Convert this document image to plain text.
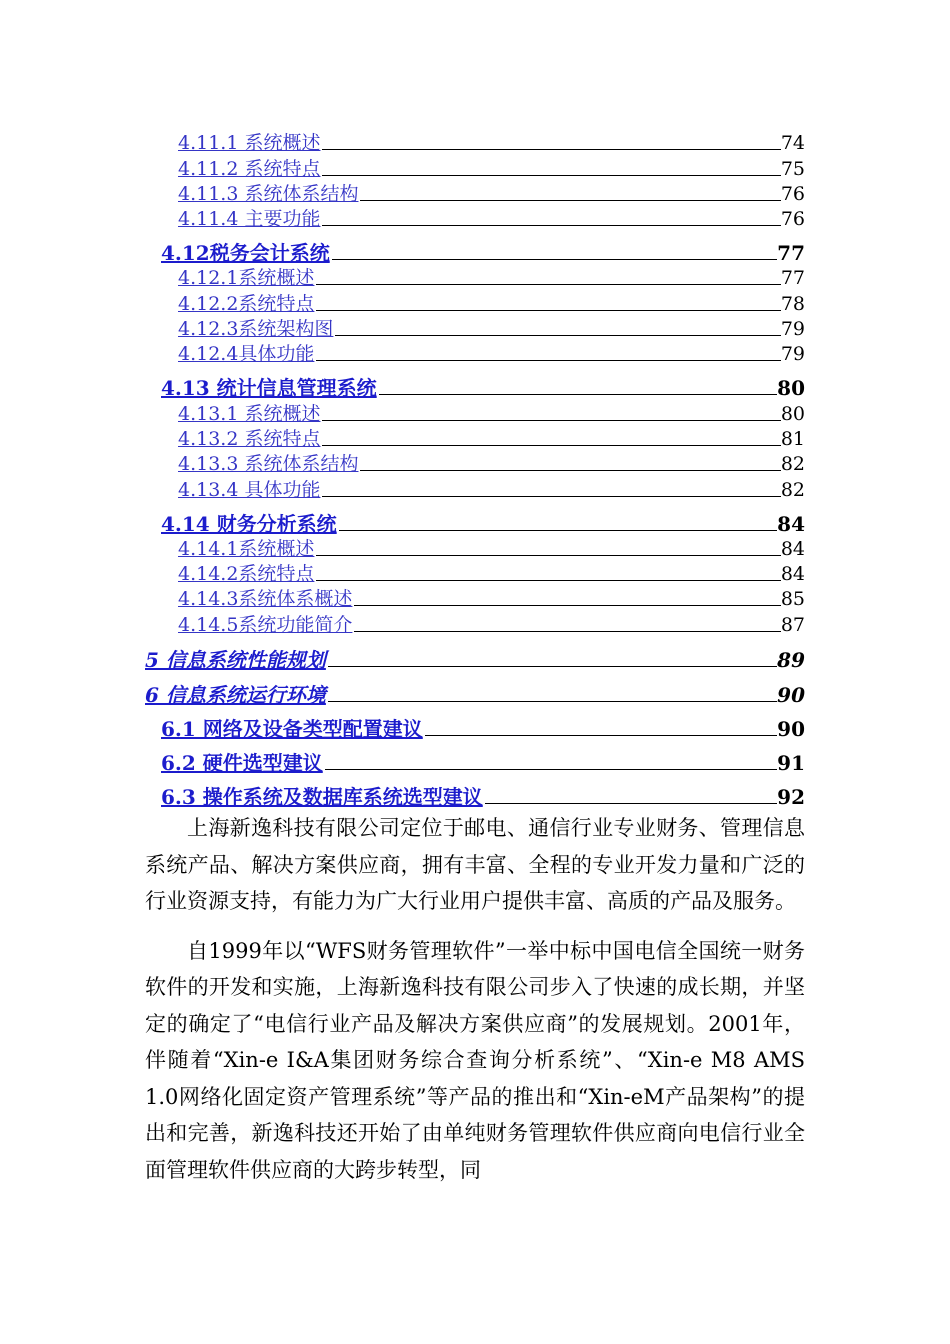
4.11.1 系统概述	74
4.11.2 系统特点	75
4.11.3 系统体系结构	76
4.11.4 主要功能	76
4.12税务会计系统	77
4.12.1系统概述	77
4.12.2系统特点	78
4.12.3系统架构图	79
4.12.4具体功能	79
4.13 统计信息管理系统	80
4.13.1 系统概述	80
4.13.2 系统特点	81
4.13.3 系统体系结构	82
4.13.4 具体功能	82
4.14 财务分析系统	84
4.14.1系统概述	84
4.14.2系统特点	84
4.14.3系统体系概述	85
4.14.5系统功能简介	87
5 信息系统性能规划	89
6 信息系统运行环境	90
6.1 网络及设备类型配置建议	90
6.2 硬件选型建议	91
6.3 操作系统及数据库系统选型建议	92

上海新逸科技有限公司定位于邮电、通信行业专业财务、管理信息系统产品、解决方案供应商，拥有丰富、全程的专业开发力量和广泛的行业资源支持，有能力为广大行业用户提供丰富、高质的产品及服务。

自1999年以“WFS财务管理软件”一举中标中国电信全国统一财务软件的开发和实施，上海新逸科技有限公司步入了快速的成长期，并坚定的确定了“电信行业产品及解决方案供应商”的发展规划。2001年，伴随着“Xin-e I&A集团财务综合查询分析系统”、“Xin-e M8 AMS 1.0网络化固定资产管理系统”等产品的推出和“Xin-eM产品架构”的提出和完善，新逸科技还开始了由单纯财务管理软件供应商向电信行业全面管理软件供应商的大跨步转型，同
